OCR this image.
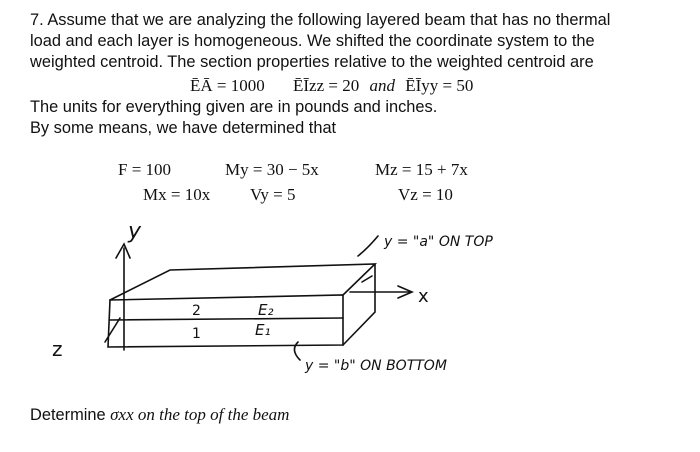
7. Assume that we are analyzing the following layered beam that has no thermal

load and each layer is homogeneous. We shifted the coordinate system to the

weighted centroid. The section properties relative to the weighted centroid are

ĒĀ = 1000 ĒĪzz = 20 and ĒĪyy = 50
The units for everything given are in pounds and inches.
By some means, we have determined that
F = 100	My = 30 − 5x	Mz = 15 + 7x
Mx = 10x Vy = 5	Vz = 10
y
x
z
y = "a" ON TOP
y = "b" ON BOTTOM
2
1
E₂
E₁
Determine σxx on the top of the beam
